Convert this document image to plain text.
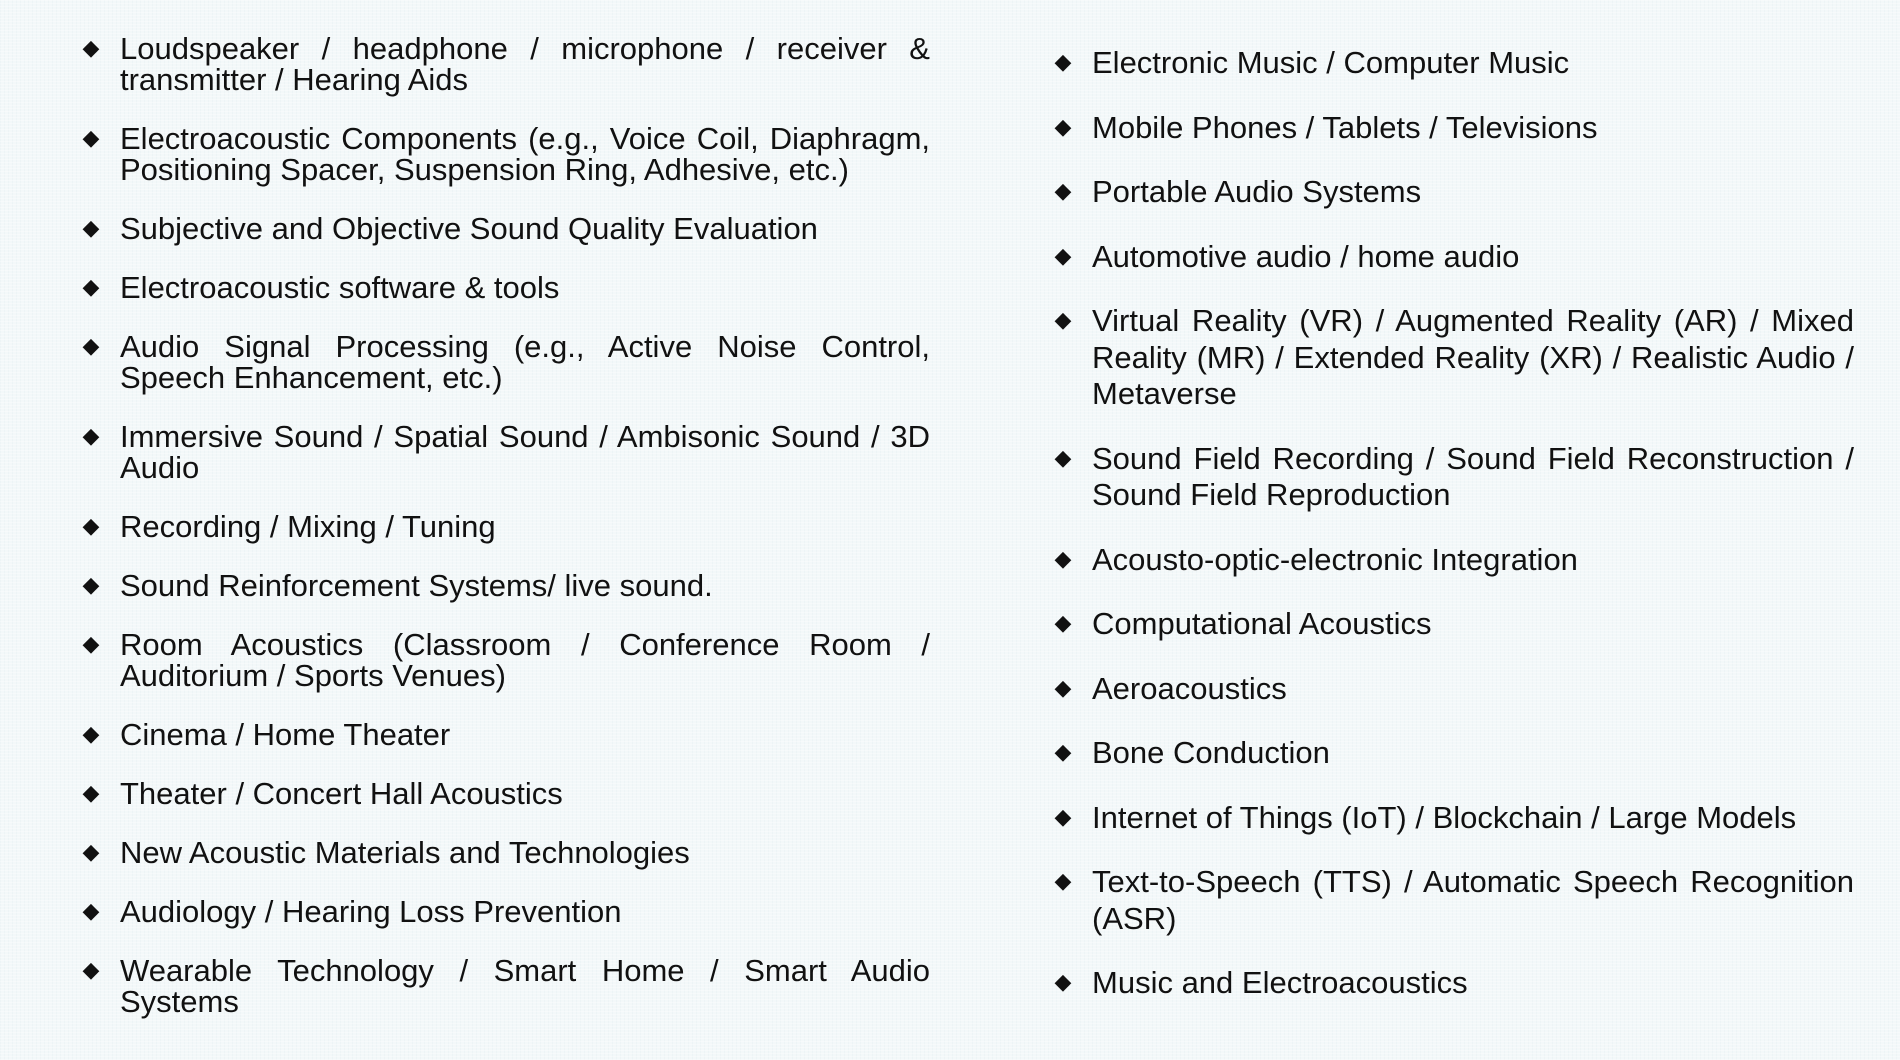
◆ Loudspeaker / headphone / microphone / receiver & transmitter / Hearing Aids
◆ Electroacoustic Components (e.g., Voice Coil, Diaphragm, Positioning Spacer, Suspension Ring, Adhesive, etc.)
◆ Subjective and Objective Sound Quality Evaluation
◆ Electroacoustic software & tools
◆ Audio Signal Processing (e.g., Active Noise Control, Speech Enhancement, etc.)
◆ Immersive Sound / Spatial Sound / Ambisonic Sound / 3D Audio
◆ Recording / Mixing / Tuning
◆ Sound Reinforcement Systems/ live sound.
◆ Room Acoustics (Classroom / Conference Room / Auditorium / Sports Venues)
◆ Cinema / Home Theater
◆ Theater / Concert Hall Acoustics
◆ New Acoustic Materials and Technologies
◆ Audiology / Hearing Loss Prevention
◆ Wearable Technology / Smart Home / Smart Audio Systems
◆ Electronic Music / Computer Music
◆ Mobile Phones / Tablets / Televisions
◆ Portable Audio Systems
◆ Automotive audio / home audio
◆ Virtual Reality (VR) / Augmented Reality (AR) / Mixed Reality (MR) / Extended Reality (XR) / Realistic Audio / Metaverse
◆ Sound Field Recording / Sound Field Reconstruction / Sound Field Reproduction
◆ Acousto-optic-electronic Integration
◆ Computational Acoustics
◆ Aeroacoustics
◆ Bone Conduction
◆ Internet of Things (IoT) / Blockchain / Large Models
◆ Text-to-Speech (TTS) / Automatic Speech Recognition (ASR)
◆ Music and Electroacoustics
